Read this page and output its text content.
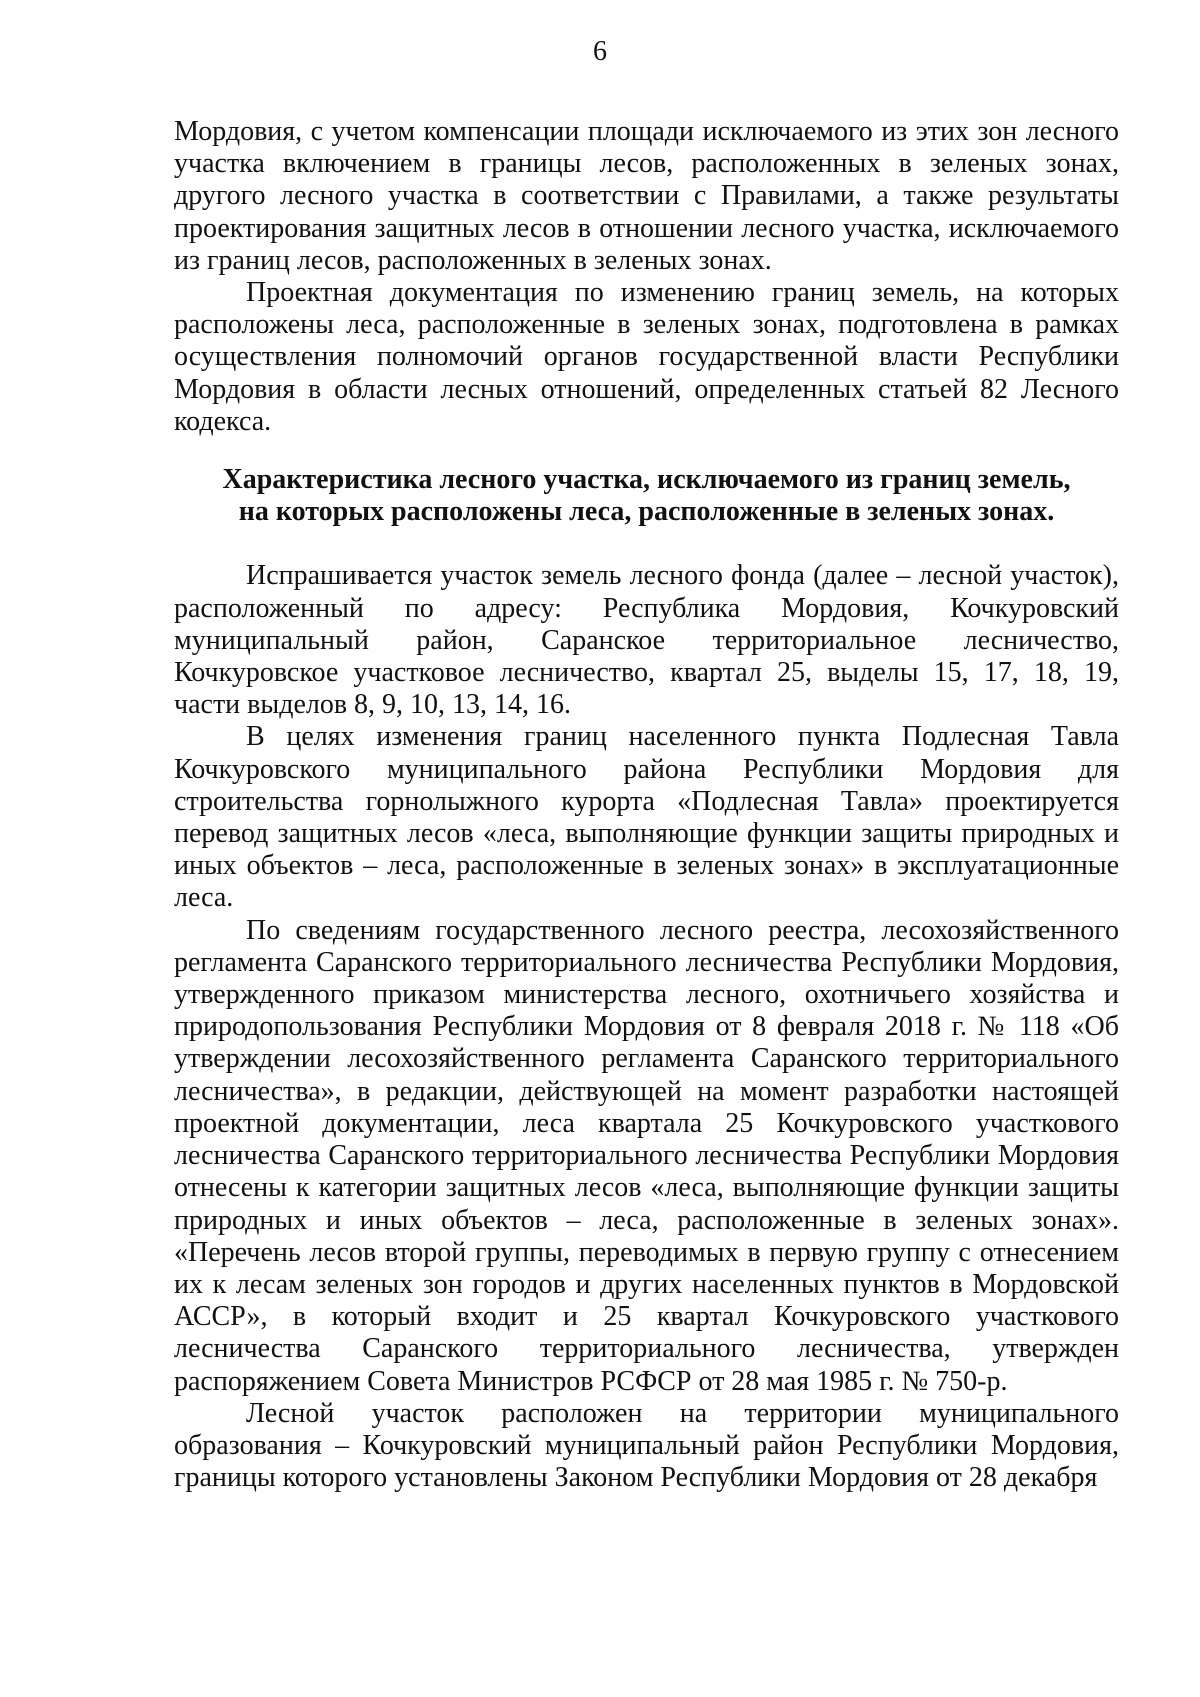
6

Мордовия, с учетом компенсации площади исключаемого из этих зон лесного участка включением в границы лесов, расположенных в зеленых зонах, другого лесного участка в соответствии с Правилами, а также результаты проектирования защитных лесов в отношении лесного участка, исключаемого из границ лесов, расположенных в зеленых зонах.

Проектная документация по изменению границ земель, на которых расположены леса, расположенные в зеленых зонах, подготовлена в рамках осуществления полномочий органов государственной власти Республики Мордовия в области лесных отношений, определенных статьей 82 Лесного кодекса.

Характеристика лесного участка, исключаемого из границ земель,
на которых расположены леса, расположенные в зеленых зонах.

Испрашивается участок земель лесного фонда (далее – лесной участок), расположенный по адресу: Республика Мордовия, Кочкуровский муниципальный район, Саранское территориальное лесничество, Кочкуровское участковое лесничество, квартал 25, выделы 15, 17, 18, 19, части выделов 8, 9, 10, 13, 14, 16.

В целях изменения границ населенного пункта Подлесная Тавла Кочкуровского муниципального района Республики Мордовия для строительства горнолыжного курорта «Подлесная Тавла» проектируется перевод защитных лесов «леса, выполняющие функции защиты природных и иных объектов – леса, расположенные в зеленых зонах» в эксплуатационные леса.

По сведениям государственного лесного реестра, лесохозяйственного регламента Саранского территориального лесничества Республики Мордовия, утвержденного приказом министерства лесного, охотничьего хозяйства и природопользования Республики Мордовия от 8 февраля 2018 г. № 118 «Об утверждении лесохозяйственного регламента Саранского территориального лесничества», в редакции, действующей на момент разработки настоящей проектной документации, леса квартала 25 Кочкуровского участкового лесничества Саранского территориального лесничества Республики Мордовия отнесены к категории защитных лесов «леса, выполняющие функции защиты природных и иных объектов – леса, расположенные в зеленых зонах». «Перечень лесов второй группы, переводимых в первую группу с отнесением их к лесам зеленых зон городов и других населенных пунктов в Мордовской АССР», в который входит и 25 квартал Кочкуровского участкового лесничества Саранского территориального лесничества, утвержден распоряжением Совета Министров РСФСР от 28 мая 1985 г. № 750-р.

Лесной участок расположен на территории муниципального образования – Кочкуровский муниципальный район Республики Мордовия, границы которого установлены Законом Республики Мордовия от 28 декабря
